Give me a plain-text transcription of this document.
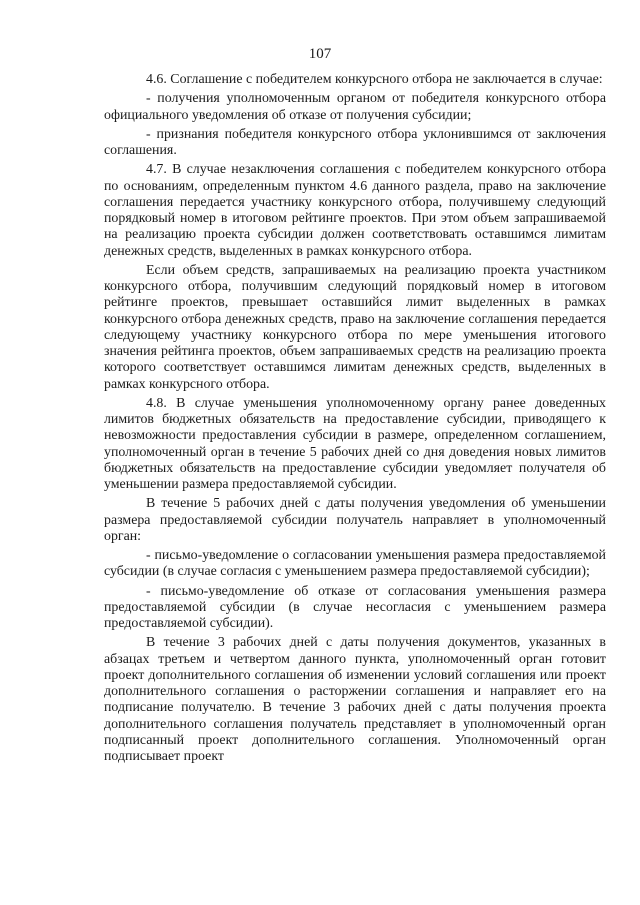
107

4.6. Соглашение с победителем конкурсного отбора не заключается в случае:

- получения уполномоченным органом от победителя конкурсного отбора официального уведомления об отказе от получения субсидии;

- признания победителя конкурсного отбора уклонившимся от заключения соглашения.

4.7. В случае незаключения соглашения с победителем конкурсного отбора по основаниям, определенным пунктом 4.6 данного раздела, право на заключение соглашения передается участнику конкурсного отбора, получившему следующий порядковый номер в итоговом рейтинге проектов. При этом объем запрашиваемой на реализацию проекта субсидии должен соответствовать оставшимся лимитам денежных средств, выделенных в рамках конкурсного отбора.

Если объем средств, запрашиваемых на реализацию проекта участником конкурсного отбора, получившим следующий порядковый номер в итоговом рейтинге проектов, превышает оставшийся лимит выделенных в рамках конкурсного отбора денежных средств, право на заключение соглашения передается следующему участнику конкурсного отбора по мере уменьшения итогового значения рейтинга проектов, объем запрашиваемых средств на реализацию проекта которого соответствует оставшимся лимитам денежных средств, выделенных в рамках конкурсного отбора.

4.8. В случае уменьшения уполномоченному органу ранее доведенных лимитов бюджетных обязательств на предоставление субсидии, приводящего к невозможности предоставления субсидии в размере, определенном соглашением, уполномоченный орган в течение 5 рабочих дней со дня доведения новых лимитов бюджетных обязательств на предоставление субсидии уведомляет получателя об уменьшении размера предоставляемой субсидии.

В течение 5 рабочих дней с даты получения уведомления об уменьшении размера предоставляемой субсидии получатель направляет в уполномоченный орган:

- письмо-уведомление о согласовании уменьшения размера предоставляемой субсидии (в случае согласия с уменьшением размера предоставляемой субсидии);

- письмо-уведомление об отказе от согласования уменьшения размера предоставляемой субсидии (в случае несогласия с уменьшением размера предоставляемой субсидии).

В течение 3 рабочих дней с даты получения документов, указанных в абзацах третьем и четвертом данного пункта, уполномоченный орган готовит проект дополнительного соглашения об изменении условий соглашения или проект дополнительного соглашения о расторжении соглашения и направляет его на подписание получателю. В течение 3 рабочих дней с даты получения проекта дополнительного соглашения получатель представляет в уполномоченный орган подписанный проект дополнительного соглашения. Уполномоченный орган подписывает проект
